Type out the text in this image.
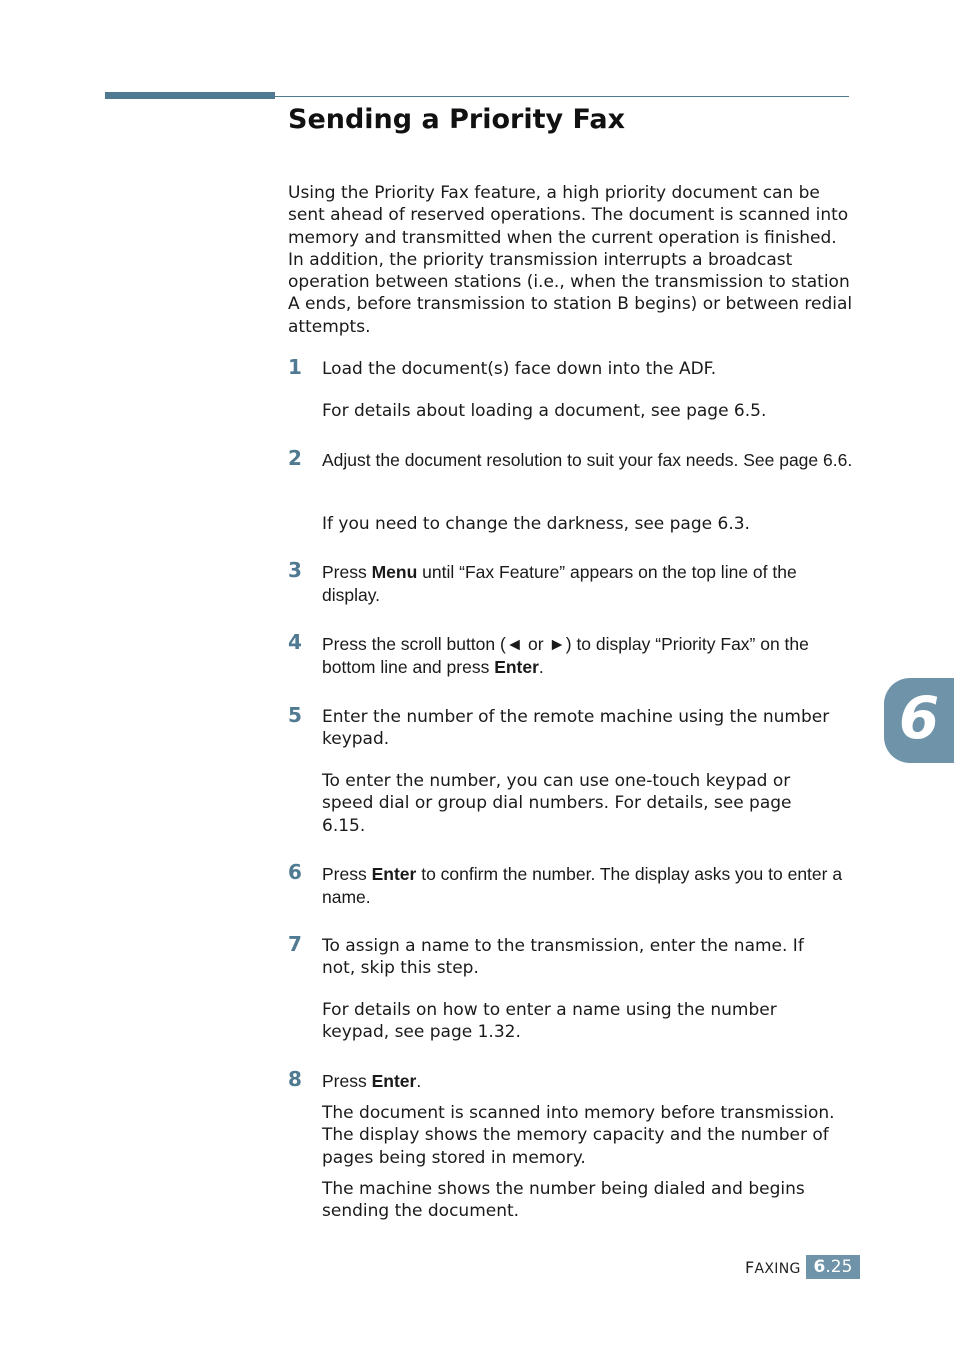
Sending a Priority Fax

Using the Priority Fax feature, a high priority document can be sent ahead of reserved operations. The document is scanned into memory and transmitted when the current operation is finished. In addition, the priority transmission interrupts a broadcast operation between stations (i.e., when the transmission to station A ends, before transmission to station B begins) or between redial attempts.

1 Load the document(s) face down into the ADF.

For details about loading a document, see page 6.5.

2 Adjust the document resolution to suit your fax needs. See page 6.6.

If you need to change the darkness, see page 6.3.

3 Press Menu until “Fax Feature” appears on the top line of the display.

4 Press the scroll button (◄ or ►) to display “Priority Fax” on the bottom line and press Enter.

5 Enter the number of the remote machine using the number keypad.

To enter the number, you can use one-touch keypad or speed dial or group dial numbers. For details, see page 6.15.

6 Press Enter to confirm the number. The display asks you to enter a name.

7 To assign a name to the transmission, enter the name. If not, skip this step.

For details on how to enter a name using the number keypad, see page 1.32.

8 Press Enter.

The document is scanned into memory before transmission. The display shows the memory capacity and the number of pages being stored in memory.

The machine shows the number being dialed and begins sending the document.

6
FAXING 6.25
